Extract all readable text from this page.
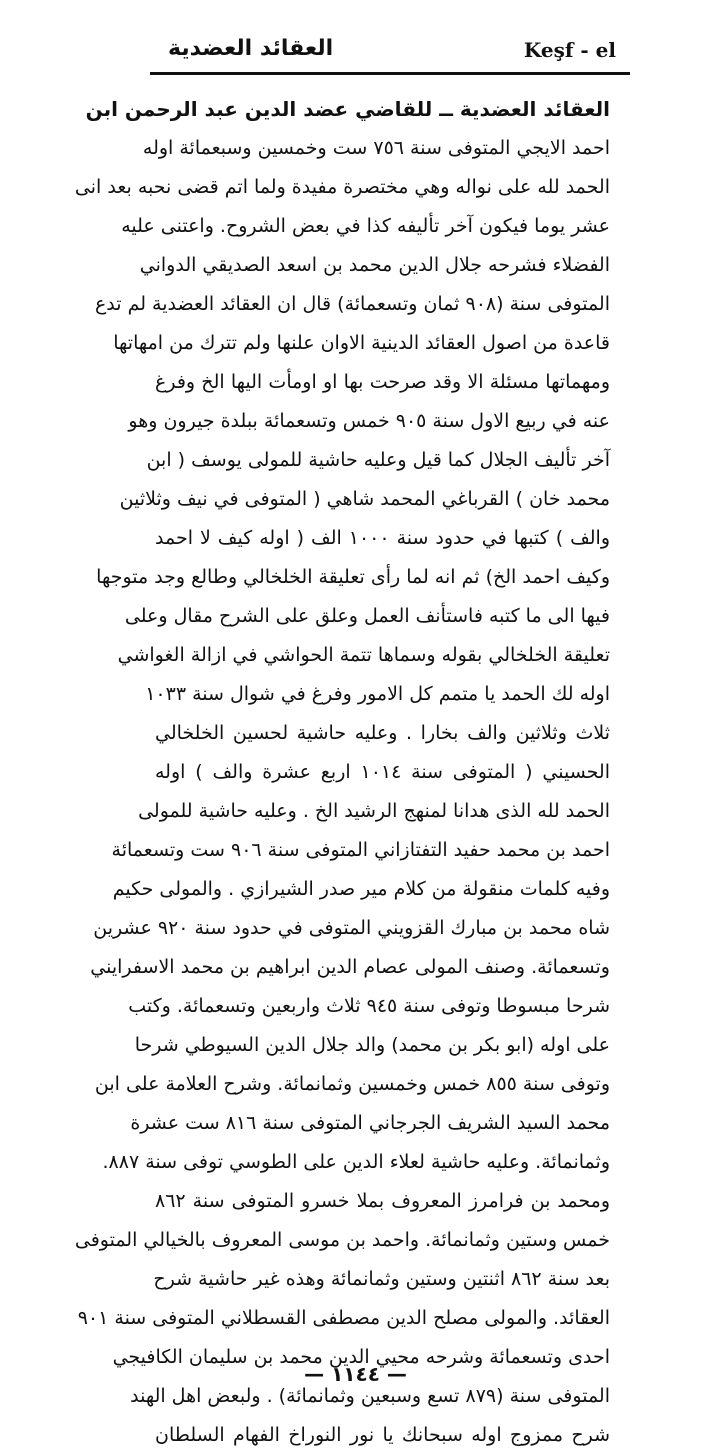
العقائد العضدية	Keşf - el
العقائد العضدية ــ للقاضي عضد الدين عبد الرحمن ابن
احمد الايجي المتوفى سنة ٧٥٦ ست وخمسين وسبعمائة اوله
الحمد لله على نواله وهي مختصرة مفيدة ولما اتم قضى نحبه بعد انى
عشر يوما فيكون آخر تأليفه كذا في بعض الشروح. واعتنى عليه
الفضلاء فشرحه جلال الدين محمد بن اسعد الصديقي الدواني
المتوفى سنة (٩٠٨ ثمان وتسعمائة) قال ان العقائد العضدية لم تدع
قاعدة من اصول العقائد الدينية الاوان علنها ولم تترك من امهاتها
ومهماتها مسئلة الا وقد صرحت بها او اومأت اليها الخ وفرغ
عنه في ربيع الاول سنة ٩٠٥ خمس وتسعمائة ببلدة جيرون وهو
آخر تأليف الجلال كما قيل وعليه حاشية للمولى يوسف ( ابن
محمد خان ) القرباغي المحمد شاهي ( المتوفى في نيف وثلاثين
والف ) كتبها في حدود سنة ١٠٠٠ الف ( اوله كيف لا احمد
وكيف احمد الخ) ثم انه لما رأى تعليقة الخلخالي وطالع وجد متوجها
فيها الى ما كتبه فاستأنف العمل وعلق على الشرح مقال وعلى
تعليقة الخلخالي بقوله وسماها تتمة الحواشي في ازالة الغواشي
اوله لك الحمد يا متمم كل الامور وفرغ في شوال سنة ١٠٣٣
ثلاث وثلاثين والف بخارا . وعليه حاشية لحسين الخلخالي
الحسيني ( المتوفى سنة ١٠١٤ اربع عشرة والف ) اوله
الحمد لله الذى هدانا لمنهج الرشيد الخ . وعليه حاشية للمولى
احمد بن محمد حفيد التفتازاني المتوفى سنة ٩٠٦ ست وتسعمائة
وفيه كلمات منقولة من كلام مير صدر الشيرازي . والمولى حكيم
شاه محمد بن مبارك القزويني المتوفى في حدود سنة ٩٢٠ عشرين
وتسعمائة. وصنف المولى عصام الدين ابراهيم بن محمد الاسفرايني
شرحا مبسوطا وتوفى سنة ٩٤٥ ثلاث واربعين وتسعمائة. وكتب
على اوله (ابو بكر بن محمد) والد جلال الدين السيوطي شرحا
وتوفى سنة ٨٥٥ خمس وخمسين وثمانمائة. وشرح العلامة على ابن
محمد السيد الشريف الجرجاني المتوفى سنة ٨١٦ ست عشرة
وثمانمائة. وعليه حاشية لعلاء الدين على الطوسي توفى سنة ٨٨٧.
ومحمد بن فرامرز المعروف بملا خسرو المتوفى سنة ٨٦٢
خمس وستين وثمانمائة. واحمد بن موسى المعروف بالخيالي المتوفى
بعد سنة ٨٦٢ اثنتين وستين وثمانمائة وهذه غير حاشية شرح
العقائد. والمولى مصلح الدين مصطفى القسطلاني المتوفى سنة ٩٠١
احدى وتسعمائة وشرحه محيي الدين محمد بن سليمان الكافيجي
المتوفى سنة (٨٧٩ تسع وسبعين وثمانمائة) . ولبعض اهل الهند
شرح ممزوج اوله سبحانك يا نور النوراخ الفهام السلطان
— ١١٤٤ —
